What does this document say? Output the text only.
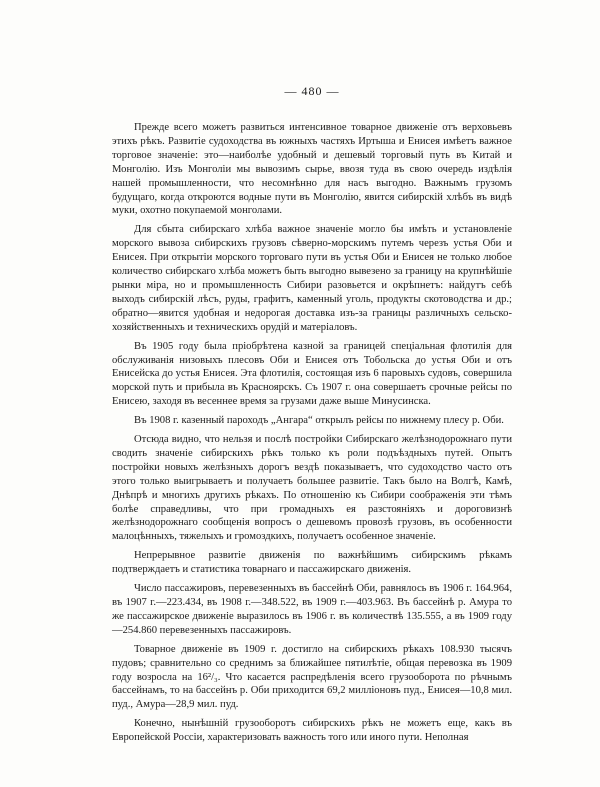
— 480 —

Прежде всего можетъ развиться интенсивное товарное движеніе отъ верховьевъ этихъ рѣкъ. Развитіе судоходства въ южныхъ частяхъ Иртыша и Енисея имѣетъ важное торговое значеніе: это—наиболѣе удобный и дешевый торговый путь въ Китай и Монголію. Изъ Монголіи мы вывозимъ сырье, ввозя туда въ свою очередь издѣлія нашей промышленности, что несомнѣнно для насъ выгодно. Важнымъ грузомъ будущаго, когда откроются водные пути въ Монголію, явится сибирскій хлѣбъ въ видѣ муки, охотно покупаемой монголами.

Для сбыта сибирскаго хлѣба важное значеніе могло бы имѣть и установленіе морского вывоза сибирскихъ грузовъ сѣверно-морскимъ путемъ черезъ устья Оби и Енисея. При открытіи морского торговаго пути въ устья Оби и Енисея не только любое количество сибирскаго хлѣба можетъ быть выгодно вывезено за границу на крупнѣйшіе рынки міра, но и промышленность Сибири разовьется и окрѣпнетъ: найдутъ себѣ выходъ сибирскій лѣсъ, руды, графитъ, каменный уголь, продукты скотоводства и др.; обратно—явится удобная и недорогая доставка изъ-за границы различныхъ сельско-хозяйственныхъ и техническихъ орудій и матеріаловъ.

Въ 1905 году была пріобрѣтена казной за границей спеціальная флотилія для обслуживанія низовыхъ плесовъ Оби и Енисея отъ Тобольска до устья Оби и отъ Енисейска до устья Енисея. Эта флотилія, состоящая изъ 6 паровыхъ судовъ, совершила морской путь и прибыла въ Красноярскъ. Съ 1907 г. она совершаетъ срочные рейсы по Енисею, заходя въ весеннее время за грузами даже выше Минусинска.

Въ 1908 г. казенный пароходъ „Ангара“ открылъ рейсы по нижнему плесу р. Оби.

Отсюда видно, что нельзя и послѣ постройки Сибирскаго желѣзнодорожнаго пути сводить значеніе сибирскихъ рѣкъ только къ роли подъѣздныхъ путей. Опытъ постройки новыхъ желѣзныхъ дорогъ вездѣ показываетъ, что судоходство часто отъ этого только выигрываетъ и получаетъ большее развитіе. Такъ было на Волгѣ, Камѣ, Днѣпрѣ и многихъ другихъ рѣкахъ. По отношенію къ Сибири соображенія эти тѣмъ болѣе справедливы, что при громадныхъ ея разстояніяхъ и дороговизнѣ желѣзнодорожнаго сообщенія вопросъ о дешевомъ провозѣ грузовъ, въ особенности малоцѣнныхъ, тяжелыхъ и громоздкихъ, получаетъ особенное значеніе.

Непрерывное развитіе движенія по важнѣйшимъ сибирскимъ рѣкамъ подтверждаетъ и статистика товарнаго и пассажирскаго движенія.

Число пассажировъ, перевезенныхъ въ бассейнѣ Оби, равнялось въ 1906 г. 164.964, въ 1907 г.—223.434, въ 1908 г.—348.522, въ 1909 г.—403.963. Въ бассейнѣ р. Амура то же пассажирское движеніе выразилось въ 1906 г. въ количествѣ 135.555, а въ 1909 году—254.860 перевезенныхъ пассажировъ.

Товарное движеніе въ 1909 г. достигло на сибирскихъ рѣкахъ 108.930 тысячъ пудовъ; сравнительно со среднимъ за ближайшее пятилѣтіе, общая перевозка въ 1909 году возросла на 16²/₃. Что касается распредѣленія всего грузооборота по рѣчнымъ бассейнамъ, то на бассейнъ р. Оби приходится 69,2 милліоновъ пуд., Енисея—10,8 мил. пуд., Амура—28,9 мил. пуд.

Конечно, нынѣшній грузооборотъ сибирскихъ рѣкъ не можетъ еще, какъ въ Европейской Россіи, характеризовать важность того или иного пути. Неполная
